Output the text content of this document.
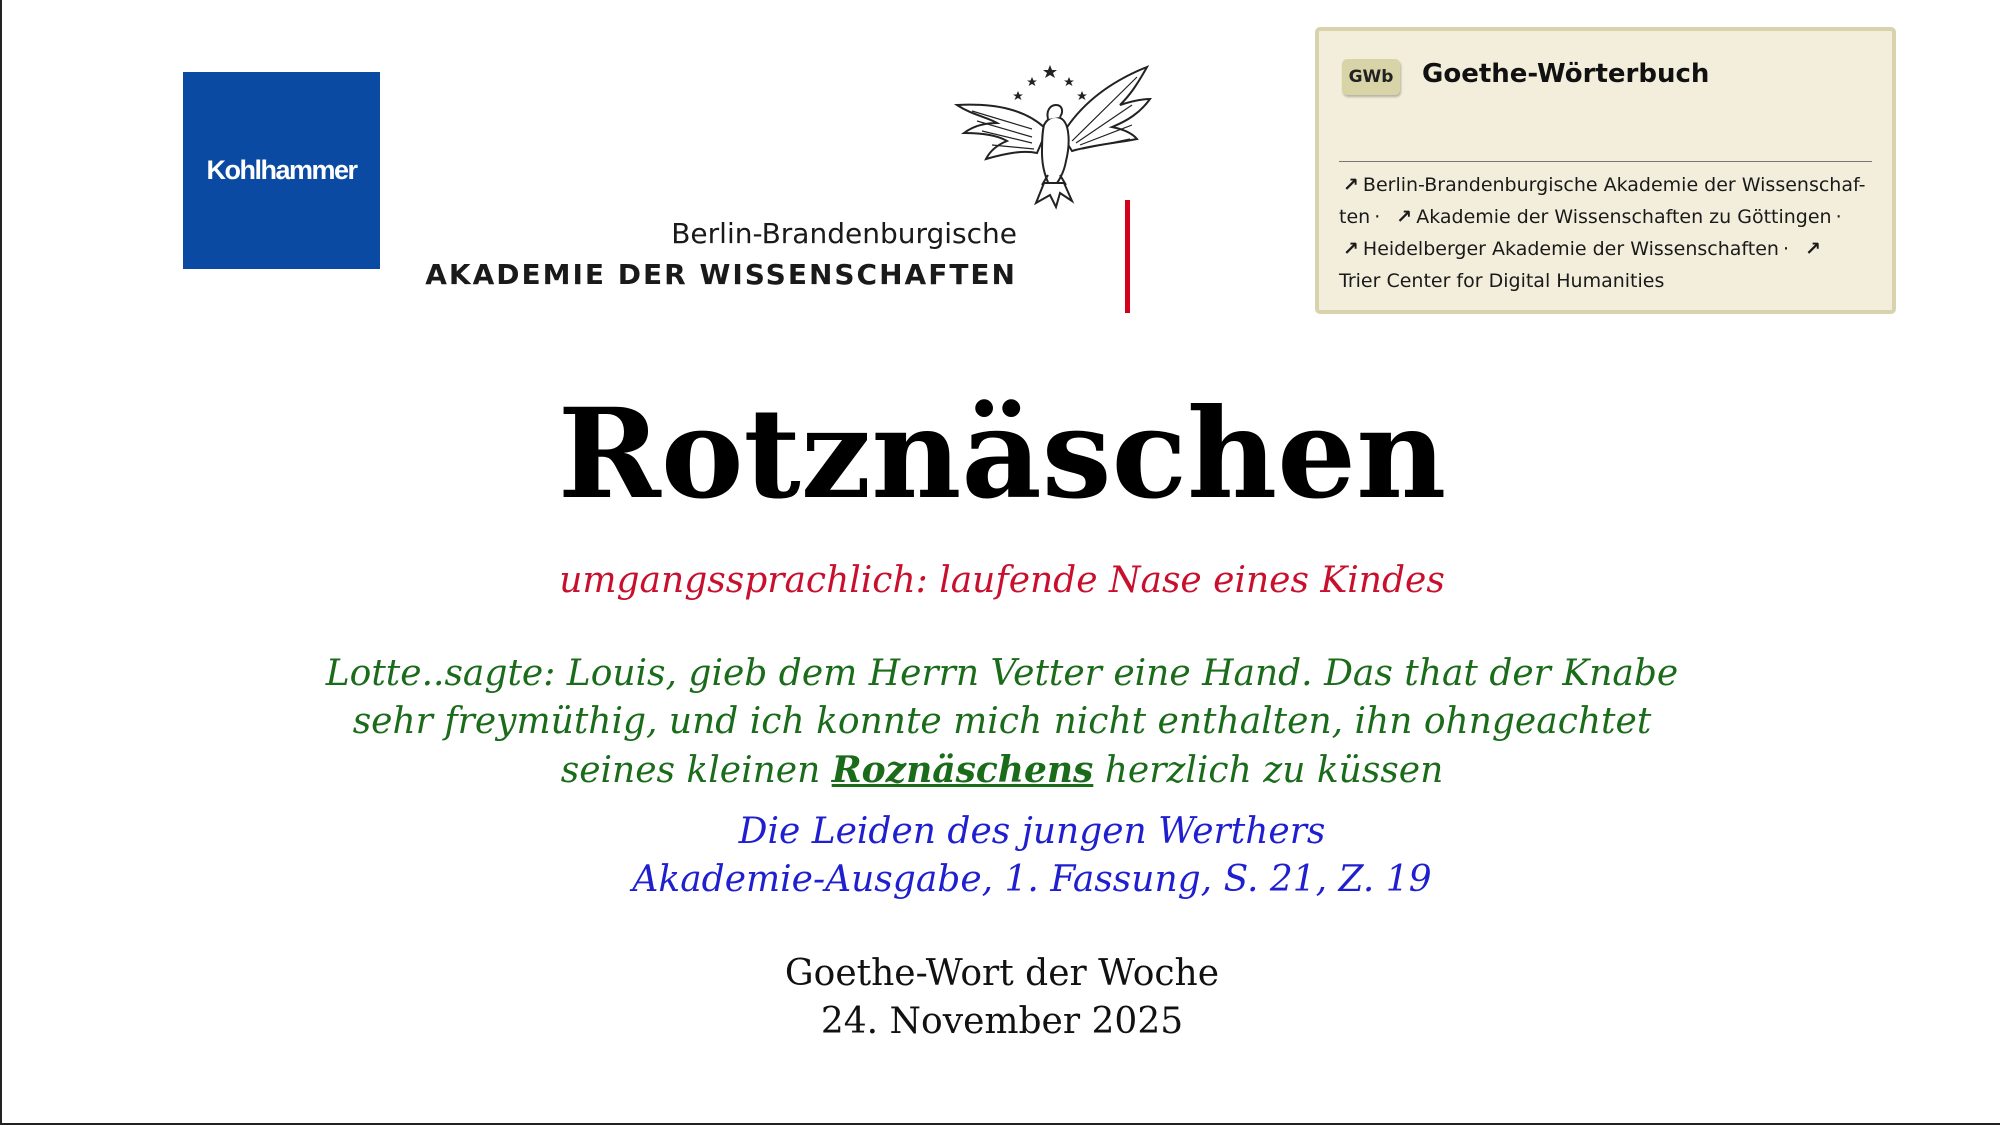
Kohlhammer
Berlin-Brandenburgische
AKADEMIE DER WISSENSCHAFTEN
GWb Goethe-Wörterbuch
↗ Berlin-Brandenburgische Akademie der Wissenschaf-ten · ↗ Akademie der Wissenschaften zu Göttingen ·
↗ Heidelberger Akademie der Wissenschaften · ↗
Trier Center for Digital Humanities
Rotznäschen
umgangssprachlich: laufende Nase eines Kindes
Lotte..sagte: Louis, gieb dem Herrn Vetter eine Hand. Das that der Knabe
sehr freymüthig, und ich konnte mich nicht enthalten, ihn ohngeachtet
seines kleinen Roznäschens herzlich zu küssen
Die Leiden des jungen Werthers
Akademie-Ausgabe, 1. Fassung, S. 21, Z. 19
Goethe-Wort der Woche
24. November 2025
